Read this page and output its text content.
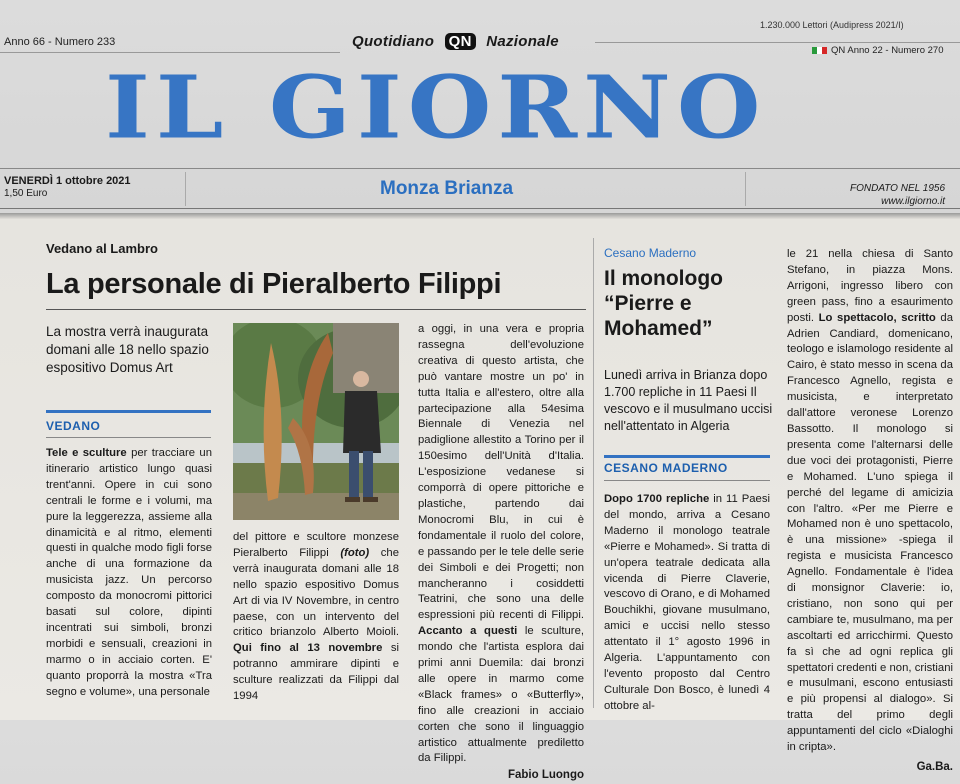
Anno 66 - Numero 233	Quotidiano QN Nazionale
1.230.000 Lettori (Audipress 2021/I)
QN Anno 22 - Numero 270
IL GIORNO
VENERDÌ 1 ottobre 2021
1,50 Euro	Monza Brianza	FONDATO NEL 1956
www.ilgiorno.it
Vedano al Lambro
La personale di Pieralberto Filippi
La mostra verrà inaugurata domani alle 18 nello spazio espositivo Domus Art
VEDANO
Tele e sculture per tracciare un itinerario artistico lungo quasi trent'anni. Opere in cui sono centrali le forme e i volumi, ma pure la leggerezza, assieme alla dinamicità e al ritmo, elementi questi in qualche modo figli forse anche di una formazione da musicista jazz. Un percorso composto da monocromi pittorici basati sul colore, dipinti incentrati sui simboli, bronzi morbidi e sensuali, creazioni in marmo o in acciaio corten. E' quanto proporrà la mostra «Tra segno e volume», una personale
del pittore e scultore monzese Pieralberto Filippi (foto) che verrà inaugurata domani alle 18 nello spazio espositivo Domus Art di via IV Novembre, in centro paese, con un intervento del critico brianzolo Alberto Moioli. Qui fino al 13 novembre si potranno ammirare dipinti e sculture realizzati da Filippi dal 1994
a oggi, in una vera e propria rassegna dell'evoluzione creativa di questo artista, che può vantare mostre un po' in tutta Italia e all'estero, oltre alla partecipazione alla 54esima Biennale di Venezia nel padiglione allestito a Torino per il 150esimo dell'Unità d'Italia. L'esposizione vedanese si comporrà di opere pittoriche e plastiche, partendo dai Monocromi Blu, in cui è fondamentale il ruolo del colore, e passando per le tele delle serie dei Simboli e dei Progetti; non mancheranno i cosiddetti Teatrini, che sono una delle espressioni più recenti di Filippi. Accanto a questi le sculture, mondo che l'artista esplora dai primi anni Duemila: dai bronzi alle opere in marmo come «Black frames» o «Butterfly», fino alle creazioni in acciaio corten che sono il linguaggio artistico attualmente prediletto da Filippi.
Fabio Luongo
Cesano Maderno
Il monologo “Pierre e Mohamed”
Lunedì arriva in Brianza dopo 1.700 repliche in 11 Paesi Il vescovo e il musulmano uccisi nell'attentato in Algeria
CESANO MADERNO
Dopo 1700 repliche in 11 Paesi del mondo, arriva a Cesano Maderno il monologo teatrale «Pierre e Mohamed». Si tratta di un'opera teatrale dedicata alla vicenda di Pierre Claverie, vescovo di Orano, e di Mohamed Bouchikhi, giovane musulmano, amici e uccisi nello stesso attentato il 1° agosto 1996 in Algeria. L'appuntamento con l'evento proposto dal Centro Culturale Don Bosco, è lunedì 4 ottobre al-
le 21 nella chiesa di Santo Stefano, in piazza Mons. Arrigoni, ingresso libero con green pass, fino a esaurimento posti. Lo spettacolo, scritto da Adrien Candiard, domenicano, teologo e islamologo residente al Cairo, è stato messo in scena da Francesco Agnello, regista e musicista, e interpretato dall'attore veronese Lorenzo Bassotto. Il monologo si presenta come l'alternarsi delle due voci dei protagonisti, Pierre e Mohamed. L'uno spiega il perché del legame di amicizia con l'altro. «Per me Pierre e Mohamed non è uno spettacolo, è una missione» -spiega il regista e musicista Francesco Agnello. Fondamentale è l'idea di monsignor Claverie: io, cristiano, non sono qui per cambiare te, musulmano, ma per ascoltarti ed arricchirmi. Questo fa sì che ad ogni replica gli spettatori credenti e non, cristiani e musulmani, escono entusiasti e più propensi al dialogo». Si tratta del primo degli appuntamenti del ciclo «Dialoghi in cripta».
Ga.Ba.
